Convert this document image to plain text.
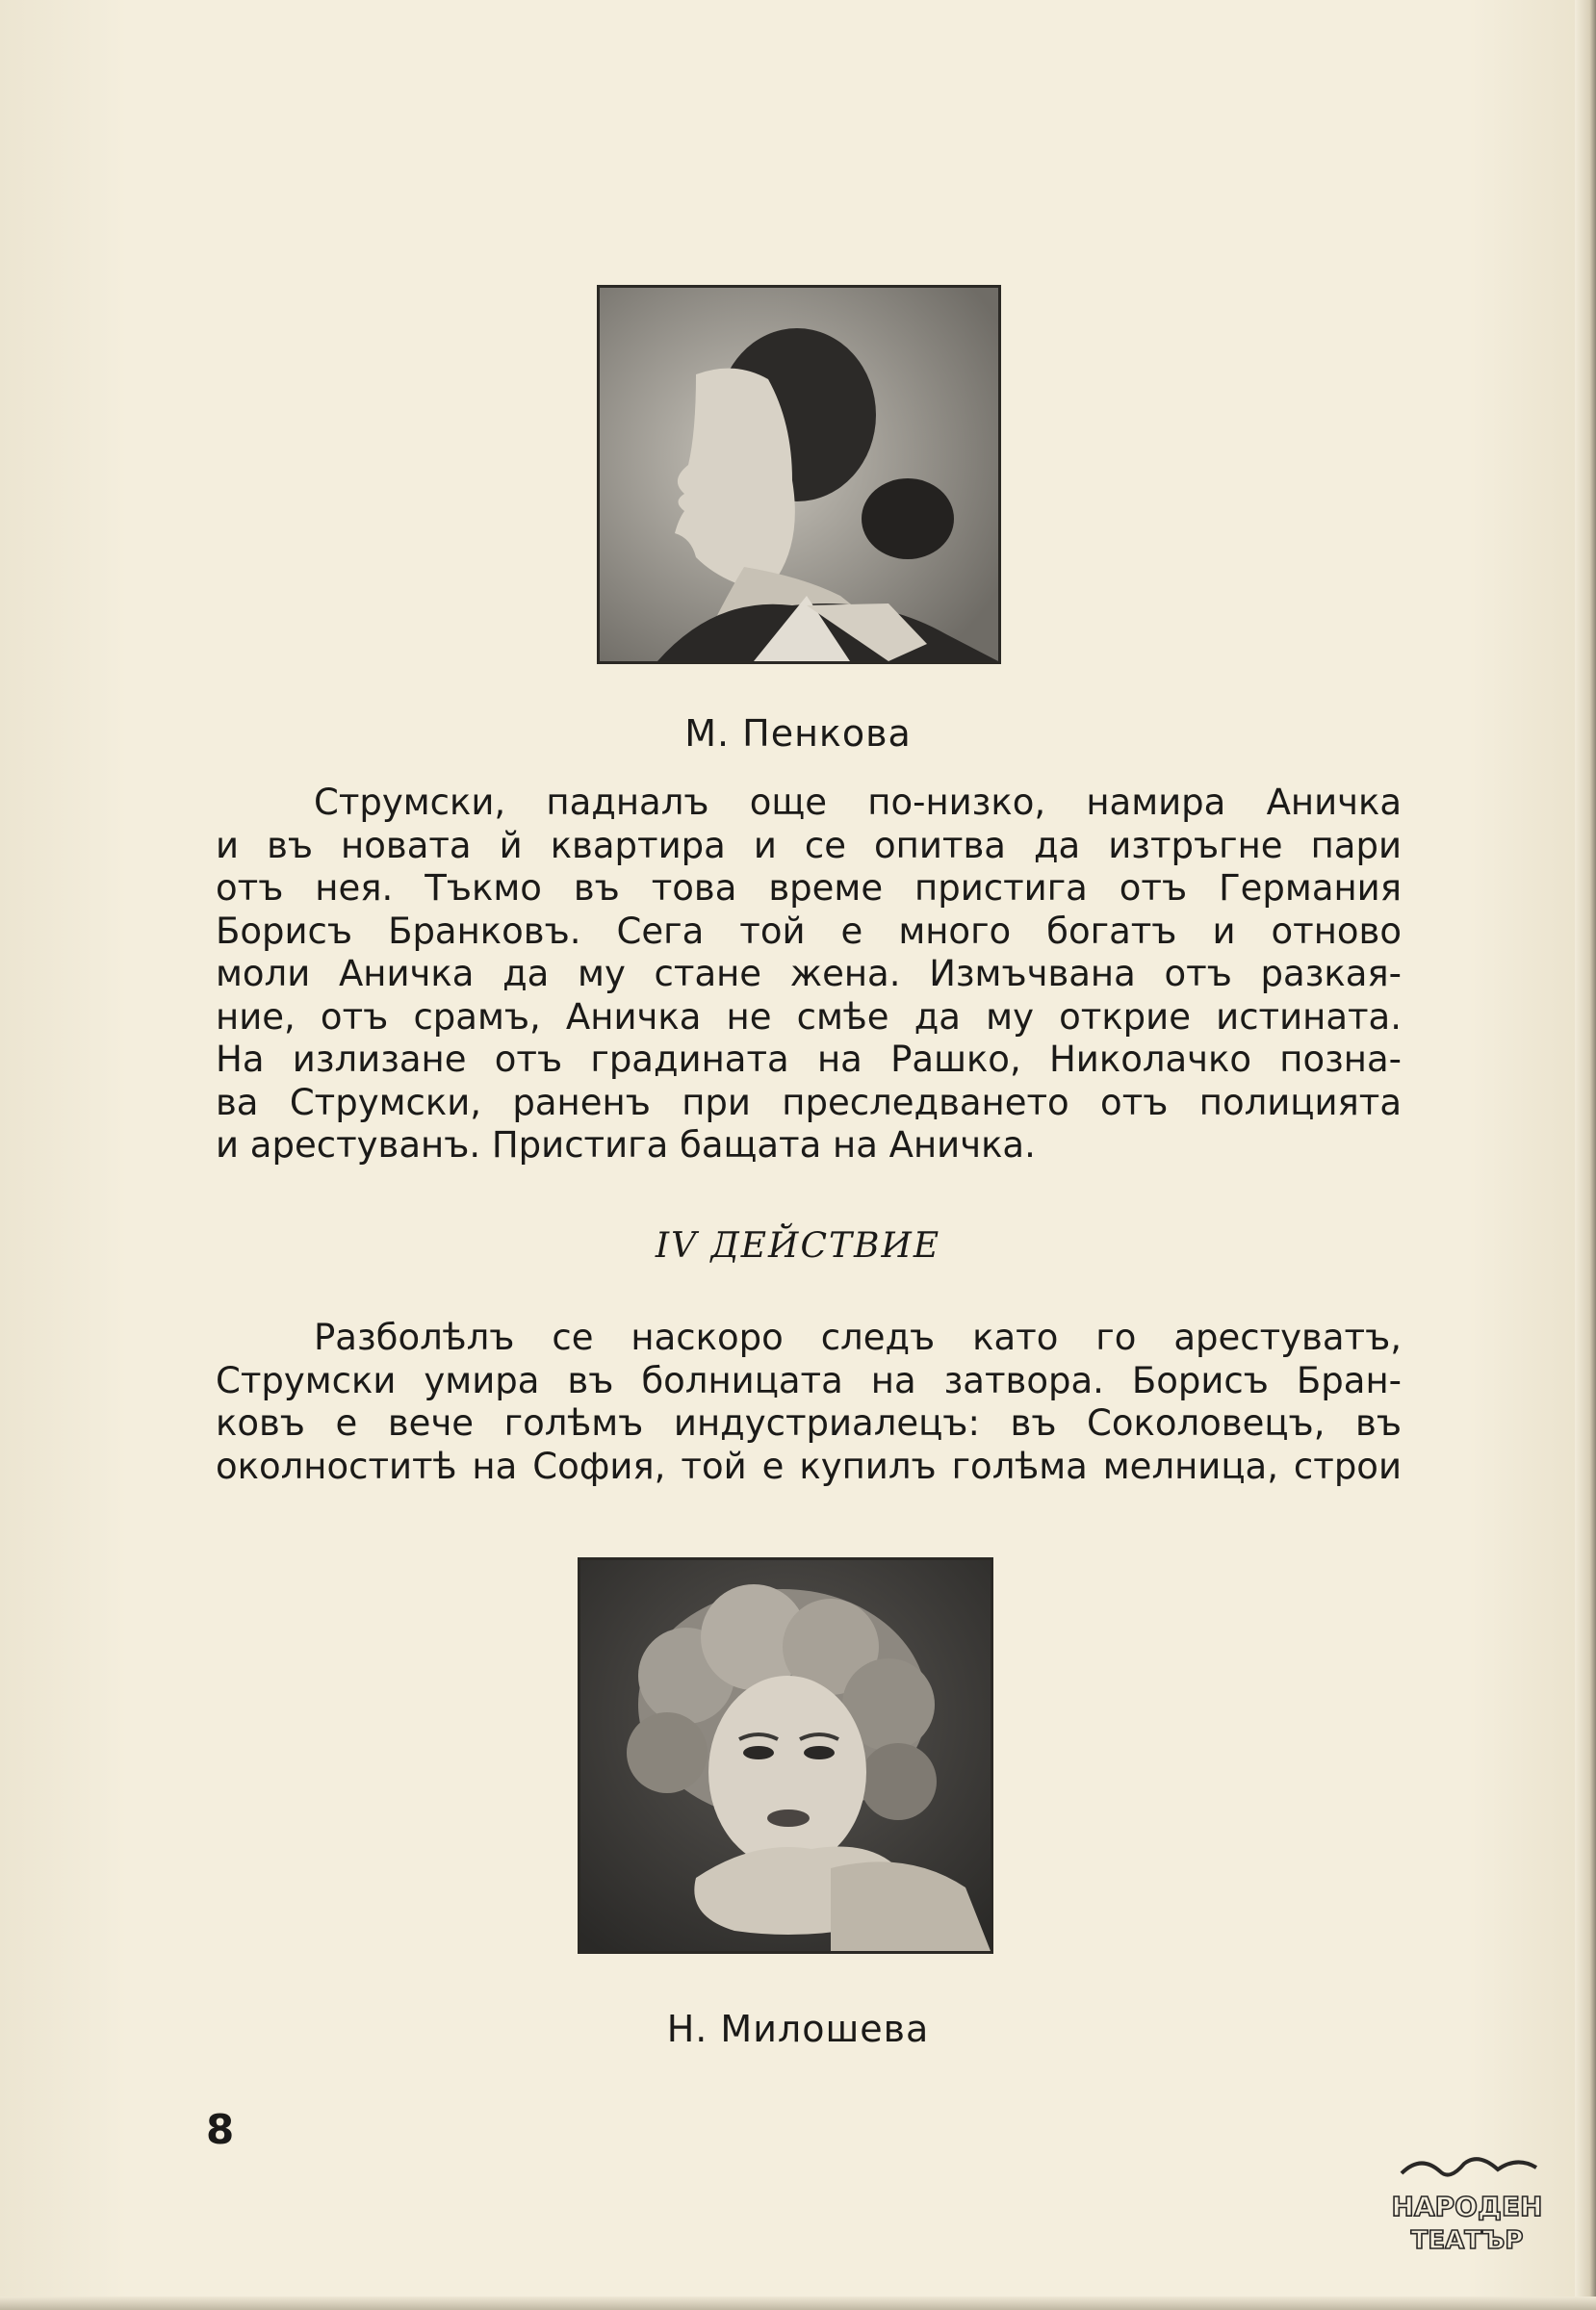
М. Пенкова
Струмски, падналъ още по-низко, намира Аничка
и въ новата й квартира и се опитва да изтръгне пари
отъ нея. Тъкмо въ това време пристига отъ Германия
Борисъ Бранковъ. Сега той е много богатъ и отново
моли Аничка да му стане жена. Измъчвана отъ разкая-
ние, отъ срамъ, Аничка не смѣе да му открие истината.
На излизане отъ градината на Рашко, Николачко позна-
ва Струмски, раненъ при преследването отъ полицията
и арестуванъ. Пристига бащата на Аничка.
IV ДЕЙСТВИЕ
Разболѣлъ се наскоро следъ като го арестуватъ,
Струмски умира въ болницата на затвора. Борисъ Бран-
ковъ е вече голѣмъ индустриалецъ: въ Соколовецъ, въ
околноститѣ на София, той е купилъ голѣма мелница, строи
Н. Милошева
8
НАРОДЕН
ТЕАТЪР
